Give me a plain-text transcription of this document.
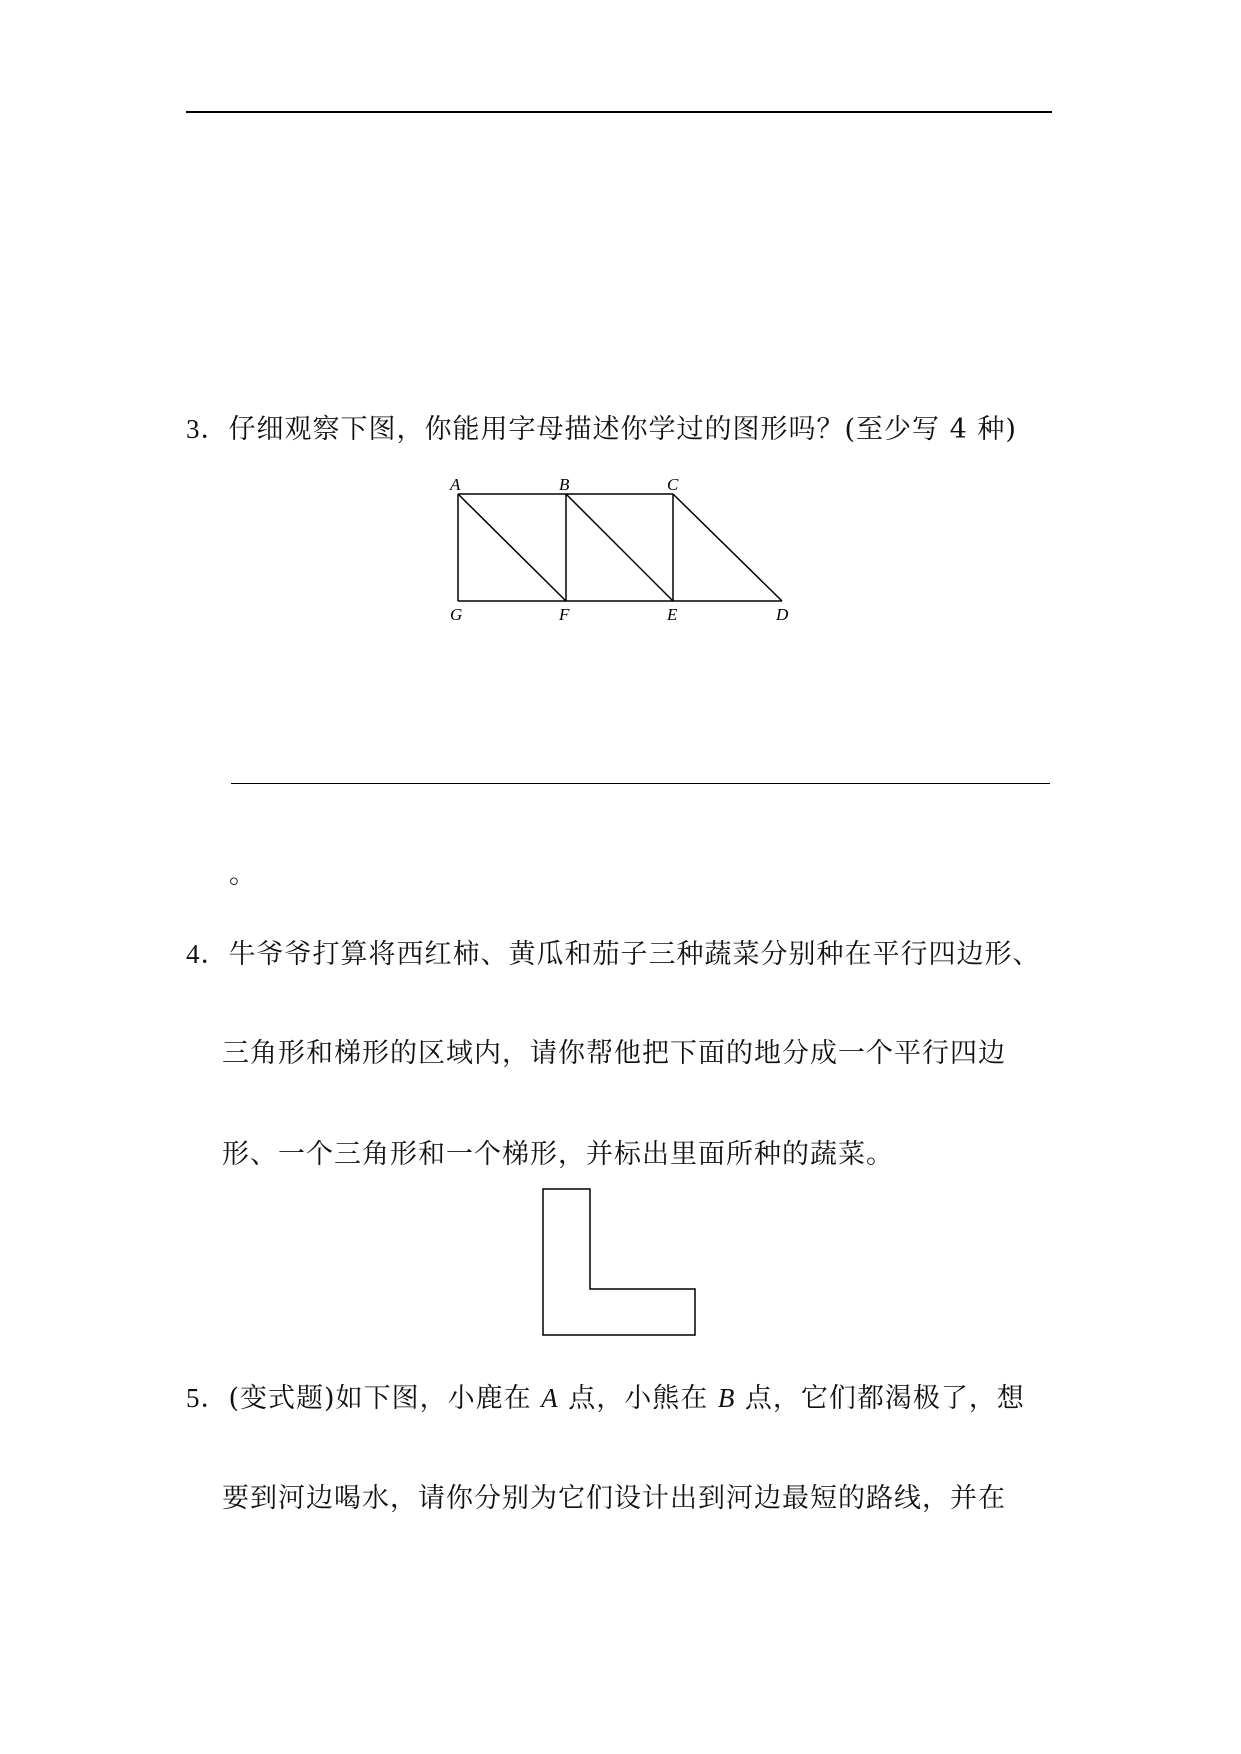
3．仔细观察下图，你能用字母描述你学过的图形吗？(至少写 4 种)
A	B	C
G	F	E	D
。
4．牛爷爷打算将西红柿、黄瓜和茄子三种蔬菜分别种在平行四边形、
三角形和梯形的区域内，请你帮他把下面的地分成一个平行四边
形、一个三角形和一个梯形，并标出里面所种的蔬菜。
5．(变式题)如下图，小鹿在 A 点，小熊在 B 点，它们都渴极了，想
要到河边喝水，请你分别为它们设计出到河边最短的路线，并在
